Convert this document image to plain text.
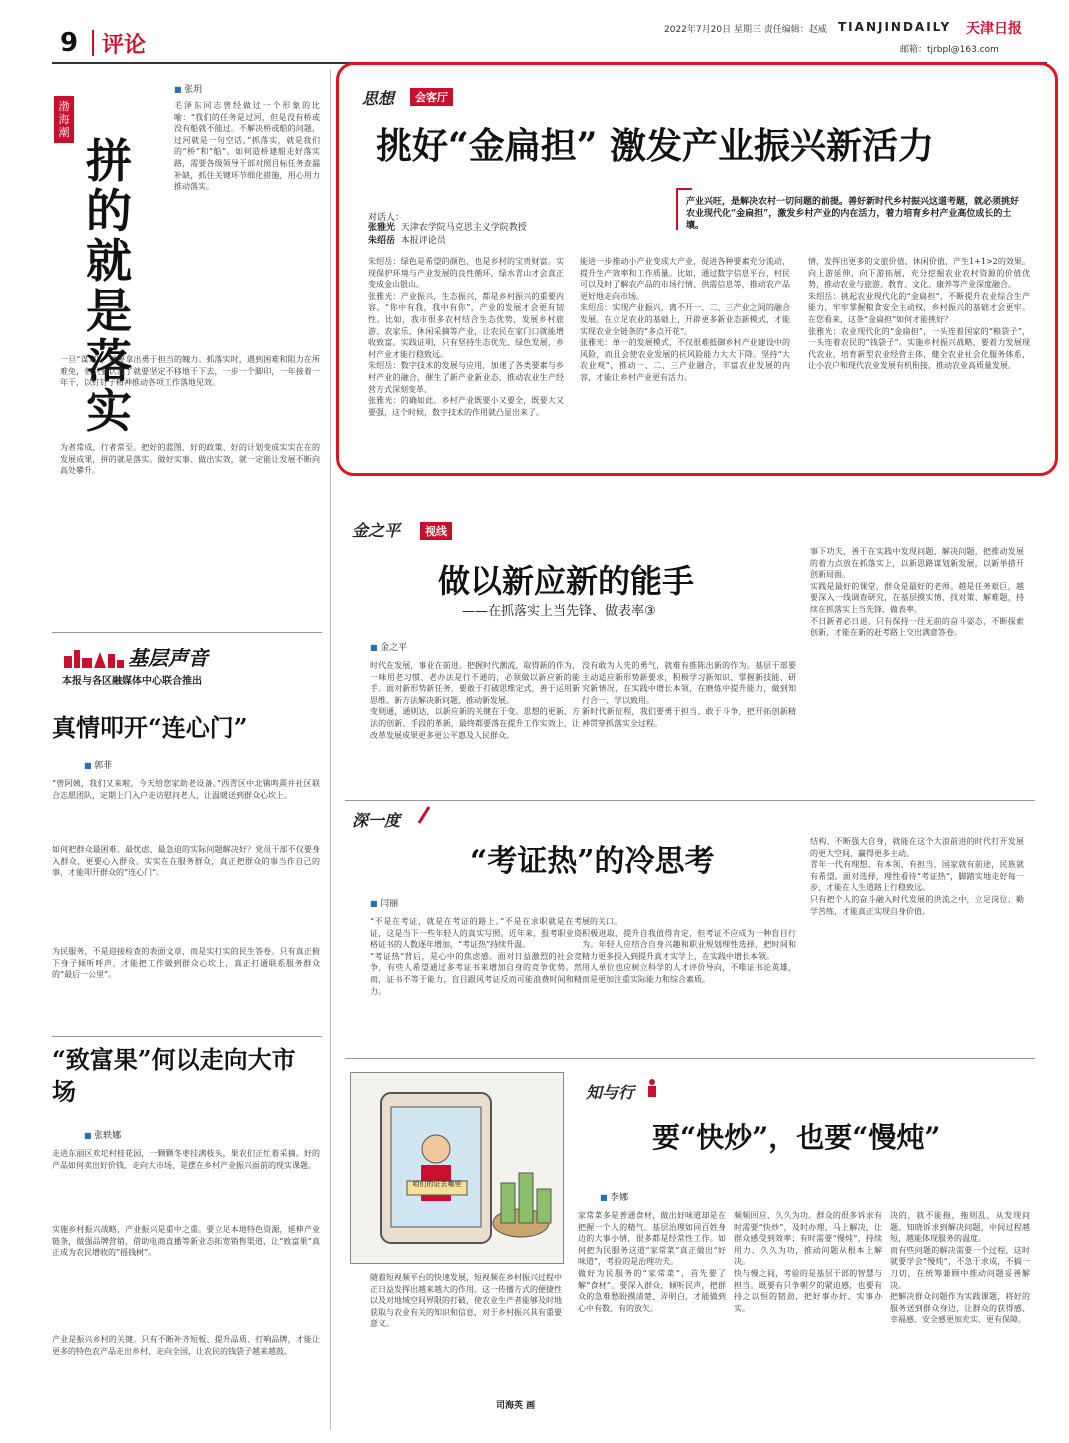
9 评论
2022年7月20日 星期三 责任编辑：赵威 TIANJINDAILY 天津日报
邮箱：tjrbpl@163.com
渤海潮
拼的就是落实
■ 张玥

毛泽东同志曾经做过一个形象的比喻：“我们的任务是过河，但是没有桥或没有船就不能过。不解决桥或船的问题，过河就是一句空话。”抓落实，就是我们的“桥”和“船”。如何造桥建船走好落实路，需要各级领导干部对照目标任务查漏补缺，抓住关键环节细化措施，用心用力推动落实。

一旦“谋定”，就要拿出勇于担当的魄力。抓落实时，遇到困难和阻力在所难免，但只要认准了就要坚定不移地干下去，一步一个脚印，一年接着一年干，以钉钉子精神推动各项工作落地见效。

为者常成，行者常至。把好的蓝图、好的政策、好的计划变成实实在在的发展成果，拼的就是落实。做好实事、做出实效，就一定能让发展不断向高处攀升。

基层声音
本报与各区融媒体中心联合推出
真情叩开“连心门”
■ 郭菲

“曾阿姨，我们又来啦，今天给您家助老设备。”西青区中北镇鸣熹井社区联合志愿团队，定期上门入户走访慰问老人，让温暖送到群众心坎上。

如何把群众最困难、最忧虑、最急迫的实际问题解决好？党员干部不仅要身入群众，更要心入群众。实实在在服务群众，真正把群众的事当作自己的事，才能叩开群众的“连心门”。

为民服务，不是迎接检查的表面文章，而是实打实的民生答卷。只有真正俯下身子倾听呼声，才能把工作做到群众心坎上，真正打通联系服务群众的“最后一公里”。

“致富果”何以走向大市场
■ 张轶娜

走进东丽区欢坨村桂花园，一颗颗冬枣挂满枝头，果农们正忙着采摘。好的产品如何卖出好价钱、走向大市场，是摆在乡村产业振兴面前的现实课题。

实施乡村振兴战略，产业振兴是重中之重。要立足本地特色资源，延伸产业链条，做强品牌营销，借助电商直播等新业态拓宽销售渠道，让“致富果”真正成为农民增收的“摇钱树”。

产业是振兴乡村的关键。只有不断补齐短板、提升品质、打响品牌，才能让更多的特色农产品走出乡村、走向全国，让农民的钱袋子越来越鼓。

思想	会客厅
挑好“金扁担” 激发产业振兴新活力
产业兴旺，是解决农村一切问题的前提。善好新时代乡村振兴这道考题，就必须挑好农业现代化“金扁担”，激发乡村产业的内在活力，着力培育乡村产业高位成长的土壤。
对话人：
张雅光 天津农学院马克思主义学院教授
朱绍岳 本报评论员
朱绍岳：绿色是希望的颜色，也是乡村的宝贵财富。实现保护环境与产业发展的良性循环，绿水青山才会真正变成金山银山。
张雅光：产业振兴，生态振兴，都是乡村振兴的重要内容。“你中有我，我中有你”，产业的发展才会更有韧性。比如，我市很多农村结合生态优势，发展乡村旅游、农家乐、休闲采摘等产业，让农民在家门口就能增收致富。实践证明，只有坚持生态优先、绿色发展，乡村产业才能行稳致远。
朱绍岳：数字技术的发展与应用，加速了各类要素与乡村产业的融合，催生了新产业新业态，推动农业生产经营方式深刻变革。
张雅光：的确如此。乡村产业既要小又要全，既要大又要强，这个时候，数字技术的作用就凸显出来了。
能进一步推动小产业变成大产业，促进各种要素充分流动，提升生产效率和工作质量。比如，通过数字信息平台，村民可以及时了解农产品的市场行情、供需信息等，推动农产品更好地走向市场。
朱绍岳：实现产业振兴，离不开一、二、三产业之间的融合发展。在立足农业的基础上，开辟更多新业态新模式，才能实现农业全链条的“多点开花”。
张雅光：单一的发展模式，不仅很难抵御乡村产业建设中的风险，而且会使农业发展的抗风险能力大大下降。坚持“大农业观”，推动一、二、三产业融合，丰富农业发展的内容，才能让乡村产业更有活力。
情，发挥出更多的文旅价值、休闲价值，产生1+1>2的效果。向上游延伸、向下游拓展，充分挖掘农业农村资源的价值优势，推动农业与旅游、教育、文化、康养等产业深度融合。
朱绍岳：挑起农业现代化的“金扁担”，不断提升农业综合生产能力，牢牢掌握粮食安全主动权，乡村振兴的基础才会更牢。在您看来，这条“金扁担”如何才能挑好？
张雅光：农业现代化的“金扁担”，一头连着国家的“粮袋子”，一头连着农民的“钱袋子”。实施乡村振兴战略，要着力发展现代农业，培育新型农业经营主体，健全农业社会化服务体系，让小农户和现代农业发展有机衔接，推动农业高质量发展。
金之平	视线
做以新应新的能手
——在抓落实上当先锋、做表率③
■ 金之平
时代在发展，事业在前进。把握时代潮流，取得新的作为，一味用老习惯、老办法是行不通的，必须做以新应新的能手。面对新形势新任务，要敢于打破思维定式，善于运用新思维、新方法解决新问题、推动新发展。
变则通，通则达，以新应新的关键在于变。思想的更新、方法的创新、手段的革新，最终都要落在提升工作实效上，让改革发展成果更多更公平惠及人民群众。
没有敢为人先的勇气，就难有推陈出新的作为。基层干部要主动适应新形势新要求，积极学习新知识、掌握新技能、研究新情况，在实践中增长本领，在磨炼中提升能力，做到知行合一、学以致用。
新时代新征程，我们要勇于担当、敢于斗争，把开拓创新精神贯穿抓落实全过程。
事下功夫，善于在实践中发现问题、解决问题，把推动发展的着力点放在抓落实上，以新思路谋划新发展，以新举措开创新局面。
实践是最好的课堂，群众是最好的老师。越是任务艰巨，越要深入一线调查研究，在基层摸实情、找对策、解难题，持续在抓落实上当先锋、做表率。
不日新者必日退。只有保持一往无前的奋斗姿态，不断探索创新，才能在新的赶考路上交出满意答卷。
深一度
“考证热”的冷思考
■ 闫丽
“不是在考证，就是在考证的路上。”不是在求职就是在考证，这是当下一些年轻人的真实写照。近年来，报考职业资格证书的人数逐年增加，“考证热”持续升温。
“考证热”背后，是心中的焦虑感。面对日益激烈的社会竞争，有些人希望通过多考证书来增加自身的竞争优势。然而，证书不等于能力，盲目跟风考证反而可能浪费时间和精力。
展的关口。
积极进取、提升自我值得肯定，但考证不应成为一种盲目行为。年轻人应结合自身兴趣和职业规划理性选择，把时间和精力更多投入到提升真才实学上，在实践中增长本领。
用人单位也应树立科学的人才评价导向，不唯证书论英雄，而是更加注重实际能力和综合素质。
结构、不断强大自身，就能在这个大浪前进的时代打开发展的更大空间、赢得更多主动。
青年一代有理想、有本领、有担当，国家就有前途，民族就有希望。面对选择，理性看待“考证热”，脚踏实地走好每一步，才能在人生道路上行稳致远。
只有把个人的奋斗融入时代发展的洪流之中，立足岗位、勤学苦练，才能真正实现自身价值。
咱们的证去哪里
随着短视频平台的快速发展，短视频在乡村振兴过程中正日益发挥出越来越大的作用。这一传播方式的便捷性以及对地域空间界限的打破，使农业生产者能够及时地获取与农业有关的知识和信息，对于乡村振兴具有重要意义。
司海英 画
知与行
要“快炒”，也要“慢炖”
■ 李娜
家常菜多是普通食材，做出好味道却是在把握一个人的精气。基层治理如同百姓身边的大事小情，很多都是经常性工作。如何把为民服务这道“家常菜”真正做出“好味道”，考验的是治理功夫。
做好为民服务的“家常菜”，首先要了解“食材”。要深入群众，倾听民声，把群众的急难愁盼摸清楚、弄明白，才能做到心中有数、有的放矢。
频频回应、久久为功。群众的很多诉求有时需要“快炒”，及时办理、马上解决，让群众感受到效率；有时需要“慢炖”，持续用力、久久为功，推动问题从根本上解决。
快与慢之间，考验的是基层干部的智慧与担当。既要有只争朝夕的紧迫感，也要有持之以恒的韧劲，把好事办好、实事办实。
决的，就不能拖，拖则乱，从发现问题、知晓诉求到解决问题，中间过程越短，越能体现服务的温度。
而有些问题的解决需要一个过程，这时就要学会“慢炖”，不急于求成，不搞一刀切，在统筹兼顾中推动问题妥善解决。
把解决群众问题作为实践课题，将好的服务送到群众身边，让群众的获得感、幸福感、安全感更加充实、更有保障。
